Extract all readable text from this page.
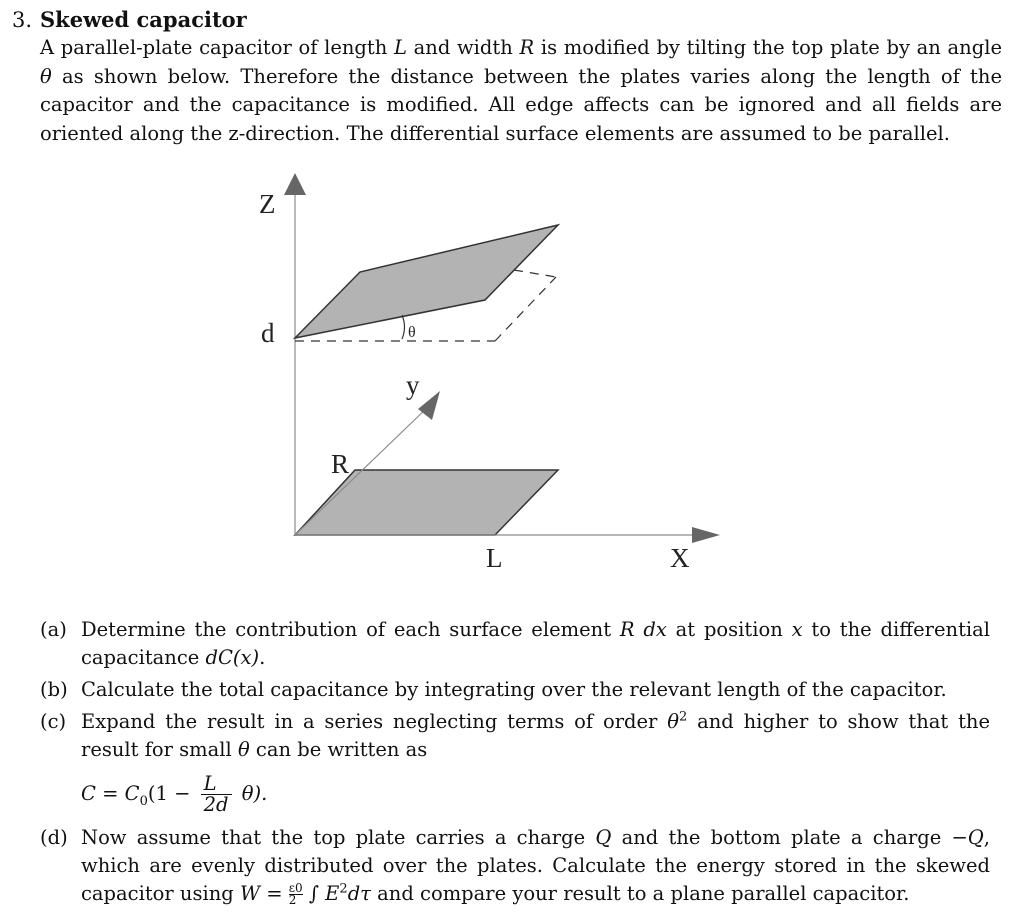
3. Skewed capacitor

A parallel-plate capacitor of length L and width R is modified by tilting the top plate by an angle θ as shown below. Therefore the distance between the plates varies along the length of the capacitor and the capacitance is modified. All edge affects can be ignored and all fields are oriented along the z-direction. The differential surface elements are assumed to be parallel.

Z
d	θ
y
R
L	X
(a) Determine the contribution of each surface element R dx at position x to the differential capacitance dC(x).
(b) Calculate the total capacitance by integrating over the relevant length of the capacitor.
(c) Expand the result in a series neglecting terms of order $\theta^2$ and higher to show that the result for small θ can be written as
$C = C_0(1 - \frac{L}{2d} \theta)$.
(d) Now assume that the top plate carries a charge Q and the bottom plate a charge −Q, which are evenly distributed over the plates. Calculate the energy stored in the skewed capacitor using $W = \frac{\varepsilon 0}{2}$ ∫ $E^2d\tau$ and compare your result to a plane parallel capacitor.
